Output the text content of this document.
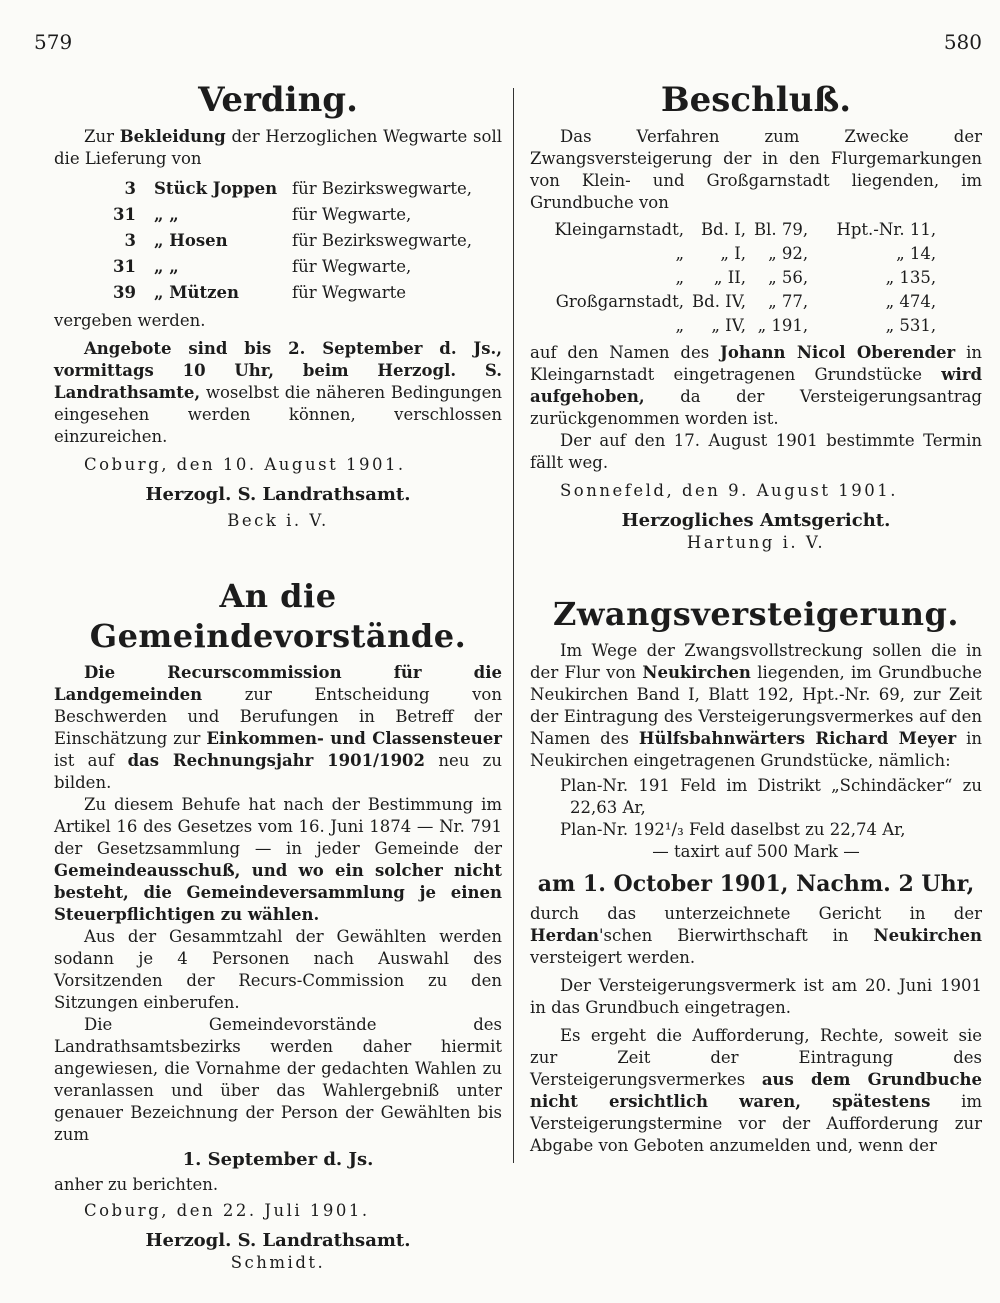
579	580
Verding.

Zur Bekleidung der Herzoglichen Wegwarte soll die Lieferung von

3	Stück Joppen	für Bezirkswegwarte,
31	„ „	für Wegwarte,
3	„ Hosen	für Bezirkswegwarte,
31	„ „	für Wegwarte,
39	„ Mützen	für Wegwarte

vergeben werden.

Angebote sind bis 2. September d. Js., vormittags 10 Uhr, beim Herzogl. S. Landrathsamte, woselbst die näheren Bedingungen eingesehen werden können, verschlossen einzureichen.

Coburg, den 10. August 1901.

Herzogl. S. Landrathsamt.

Beck i. V.

An die Gemeindevorstände.

Die Recurscommission für die Landgemeinden	zur Entscheidung von Beschwerden und Berufungen in Betreff der Einschätzung zur Einkommen- und Classensteuer ist auf das Rechnungsjahr 1901/1902 neu zu bilden.

Zu diesem Behufe hat nach der Bestimmung im Artikel 16 des Gesetzes vom 16. Juni 1874 — Nr. 791 der Gesetzsammlung — in jeder Gemeinde der Gemeindeausschuß, und wo ein solcher nicht besteht, die Gemeindeversammlung je einen Steuerpflichtigen zu wählen.

Aus der Gesammtzahl der Gewählten werden sodann je 4 Personen nach Auswahl des Vorsitzenden der Recurs-Commission zu den Sitzungen einberufen.

Die Gemeindevorstände des Landrathsamtsbezirks werden daher hiermit angewiesen, die Vornahme der gedachten Wahlen zu veranlassen und über das Wahlergebniß unter genauer Bezeichnung der Person der Gewählten bis zum

1. September d. Js.

anher zu berichten.

Coburg, den 22. Juli 1901.

Herzogl. S. Landrathsamt.

Schmidt.

Beschluß.

Das Verfahren zum Zwecke der Zwangsversteigerung der in den Flurgemarkungen von Klein- und Großgarnstadt liegenden, im Grundbuche von

Kleingarnstadt,	Bd. I,	Bl. 79,	Hpt.-Nr. 11,
„	„ I,	„ 92,	„ 14,
„	„ II,	„ 56,	„ 135,
Großgarnstadt,	Bd. IV,	„ 77,	„ 474,
„	„ IV,	„ 191,	„ 531,

auf den Namen des Johann Nicol Oberender in Kleingarnstadt eingetragenen Grundstücke wird aufgehoben, da der Versteigerungsantrag zurückgenommen worden ist.

Der auf den 17. August 1901 bestimmte Termin fällt weg.

Sonnefeld, den 9. August 1901.

Herzogliches Amtsgericht.

Hartung i. V.

Zwangsversteigerung.

Im Wege der Zwangsvollstreckung sollen die in der Flur von Neukirchen liegenden, im Grundbuche Neukirchen Band I, Blatt 192, Hpt.-Nr. 69, zur Zeit der Eintragung des Versteigerungsvermerkes auf den Namen des Hülfsbahnwärters Richard Meyer in Neukirchen eingetragenen Grundstücke, nämlich:

Plan-Nr. 191 Feld im Distrikt „Schindäcker“ zu 22,63 Ar,

Plan-Nr. 192¹/₃ Feld daselbst zu 22,74 Ar,

— taxirt auf 500 Mark —

am 1. October 1901, Nachm. 2 Uhr,

durch das unterzeichnete Gericht in der Herdan'schen Bierwirthschaft in Neukirchen versteigert werden.

Der Versteigerungsvermerk ist am 20. Juni 1901 in das Grundbuch eingetragen.

Es ergeht die Aufforderung, Rechte, soweit sie zur Zeit der Eintragung des Versteigerungsvermerkes aus dem Grundbuche nicht ersichtlich waren, spätestens im Versteigerungstermine vor der Aufforderung zur Abgabe von Geboten anzumelden und, wenn der
